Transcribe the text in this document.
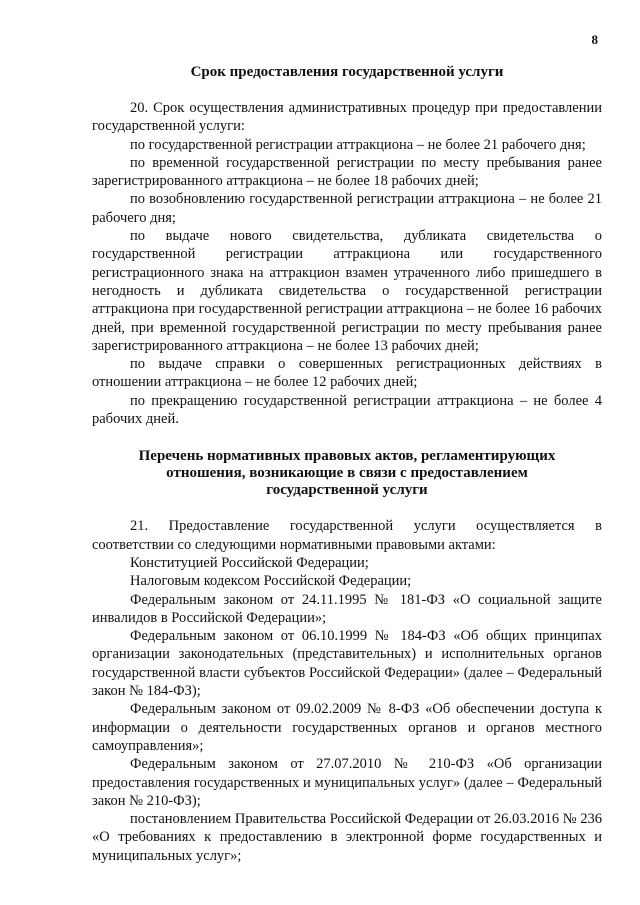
8
Срок предоставления государственной услуги

20. Срок осуществления административных процедур при предоставлении государственной услуги:

по государственной регистрации аттракциона – не более 21 рабочего дня;

по временной государственной регистрации по месту пребывания ранее зарегистрированного аттракциона – не более 18 рабочих дней;

по возобновлению государственной регистрации аттракциона – не более 21 рабочего дня;

по выдаче нового свидетельства, дубликата свидетельства о государственной регистрации аттракциона или государственного регистрационного знака на аттракцион взамен утраченного либо пришедшего в негодность и дубликата свидетельства о государственной регистрации аттракциона при государственной регистрации аттракциона – не более 16 рабочих дней, при временной государственной регистрации по месту пребывания ранее зарегистрированного аттракциона – не более 13 рабочих дней;

по выдаче справки о совершенных регистрационных действиях в отношении аттракциона – не более 12 рабочих дней;

по прекращению государственной регистрации аттракциона – не более 4 рабочих дней.

Перечень нормативных правовых актов, регламентирующих
отношения, возникающие в связи с предоставлением
государственной услуги

21. Предоставление государственной услуги осуществляется в соответствии со следующими нормативными правовыми актами:

Конституцией Российской Федерации;

Налоговым кодексом Российской Федерации;

Федеральным законом от 24.11.1995 № 181-ФЗ «О социальной защите инвалидов в Российской Федерации»;

Федеральным законом от 06.10.1999 № 184-ФЗ «Об общих принципах организации законодательных (представительных) и исполнительных органов государственной власти субъектов Российской Федерации» (далее – Федеральный закон № 184-ФЗ);

Федеральным законом от 09.02.2009 № 8-ФЗ «Об обеспечении доступа к информации о деятельности государственных органов и органов местного самоуправления»;

Федеральным законом от 27.07.2010 № 210-ФЗ «Об организации предоставления государственных и муниципальных услуг» (далее – Федеральный закон № 210-ФЗ);

постановлением Правительства Российской Федерации от 26.03.2016 № 236 «О требованиях к предоставлению в электронной форме государственных и муниципальных услуг»;
